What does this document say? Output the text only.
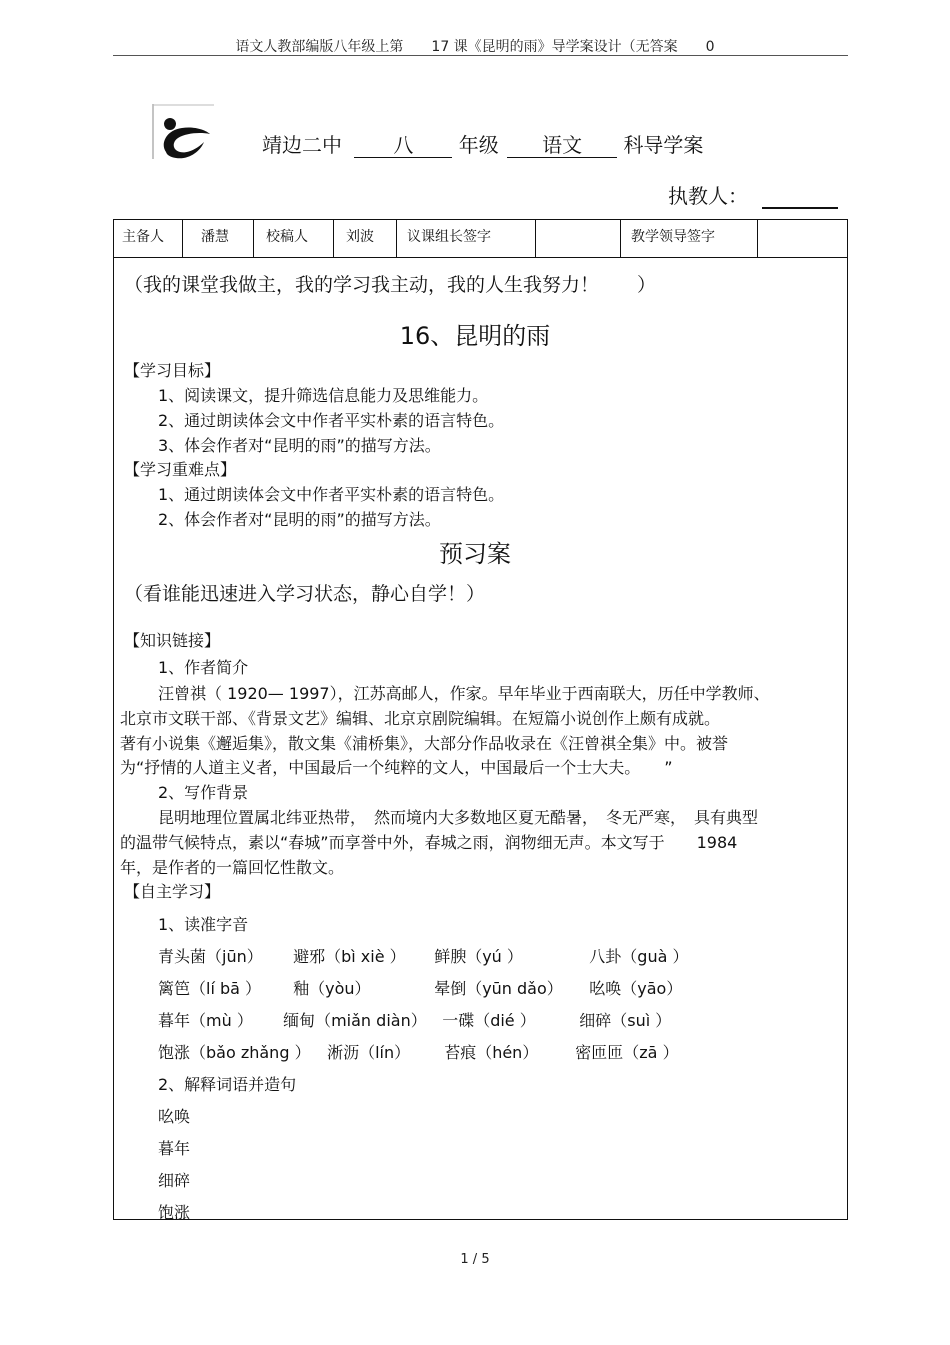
语文人教部编版八年级上第　　17 课《昆明的雨》导学案设计（无答案　　0
靖边二中	八 年级 语文 科导学案
执教人：
主备人	潘慧	校稿人	刘波	议课组长签字	教学领导签字
（我的课堂我做主，我的学习我主动，我的人生我努力！　　）
16、昆明的雨
【学习目标】
1、阅读课文，提升筛选信息能力及思维能力。
2、通过朗读体会文中作者平实朴素的语言特色。
3、体会作者对“昆明的雨”的描写方法。
【学习重难点】
1、通过朗读体会文中作者平实朴素的语言特色。
2、体会作者对“昆明的雨”的描写方法。
预习案
（看谁能迅速进入学习状态，静心自学！）
【知识链接】
1、作者简介
汪曾祺（ 1920— 1997），江苏高邮人，作家。早年毕业于西南联大，历任中学教师、
北京市文联干部、《背景文艺》编辑、北京京剧院编辑。在短篇小说创作上颇有成就。
著有小说集《邂逅集》，散文集《浦桥集》，大部分作品收录在《汪曾祺全集》中。被誉
为“抒情的人道主义者，中国最后一个纯粹的文人，中国最后一个士大夫。　　”
2、写作背景
昆明地理位置属北纬亚热带，　然而境内大多数地区夏无酷暑，　冬无严寒，　具有典型
的温带气候特点，素以“春城”而享誉中外，春城之雨，润物细无声。本文写于　　1984
年，是作者的一篇回忆性散文。
【自主学习】
1、读准字音
青头菌（jūn） 避邪（bì xiè ） 鲜腴（yú ）	八卦（guà ）
篱笆（lí bā ） 釉（yòu）	晕倒（yūn dǎo） 吆唤（yāo）
暮年（mù ） 缅甸（miǎn diàn） 一碟（dié ）	细碎（suì ）
饱涨（bǎo zhǎng ） 淅沥（lín） 苔痕（hén） 密匝匝（zā ）
2、解释词语并造句
吆唤
暮年
细碎
饱涨
1 / 5
